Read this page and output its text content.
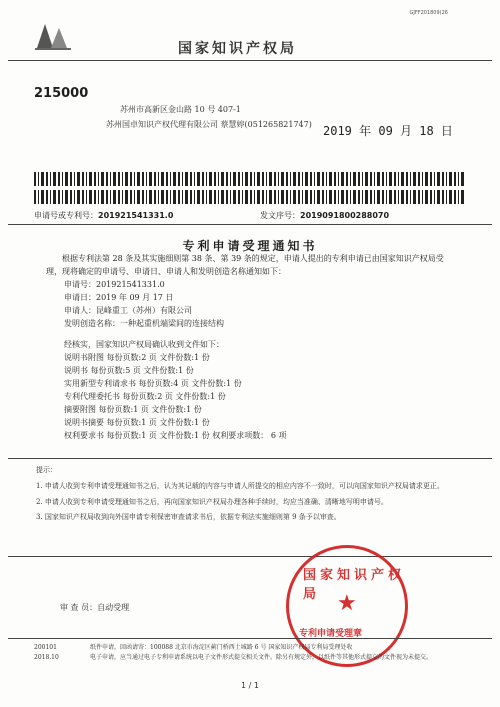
GJFF201809(26
国家知识产权局
215000
苏州市高新区金山路 10 号 407-1
苏州国卓知识产权代理有限公司 蔡慧婷(051265821747) 2019 年 09 月 18 日
申请号或专利号：201921541331.0	发文序号：2019091800288070
专利申请受理通知书
根据专利法第 28 条及其实施细则第 38 条、第 39 条的规定，申请人提出的专利申请已由国家知识产权局受理，现将确定的申请号、申请日、申请人和发明创造名称通知如下：
申请号：201921541331.0
申请日：2019 年 09 月 17 日
申请人：昆峰重工（苏州）有限公司
发明创造名称：一种起重机端梁间的连接结构
经核实，国家知识产权局确认收到文件如下：
说明书附图 每份页数:2 页 文件份数:1 份
说明书 每份页数:5 页 文件份数:1 份
实用新型专利请求书 每份页数:4 页 文件份数:1 份
专利代理委托书 每份页数:2 页 文件份数:1 份
摘要附图 每份页数:1 页 文件份数:1 份
说明书摘要 每份页数:1 页 文件份数:1 份
权利要求书 每份页数:1 页 文件份数:1 份 权利要求项数： 6 项
提示：
1. 申请人收到专利申请受理通知书之后，认为其记载的内容与申请人所提交的相应内容不一致时，可以向国家知识产权局请求更正。
2. 申请人收到专利申请受理通知书之后，再向国家知识产权局办理各种手续时，均应当准确、清晰地写明申请号。
3. 国家知识产权局收到向外国申请专利保密审查请求书后，依据专利法实施细则第 9 条予以审查。
审 查 员：自动受理
国家知识产权局 ★
专利申请受理章
200101
2018.10
纸件申请，回函请寄：100088 北京市海淀区蓟门桥西土城路 6 号 国家知识产权局专利局受理处收
电子申请，应当通过电子专利申请系统以电子文件形式提交相关文件。除另有规定外，以纸件等其他形式提交的文件视为未提交。
1 / 1
